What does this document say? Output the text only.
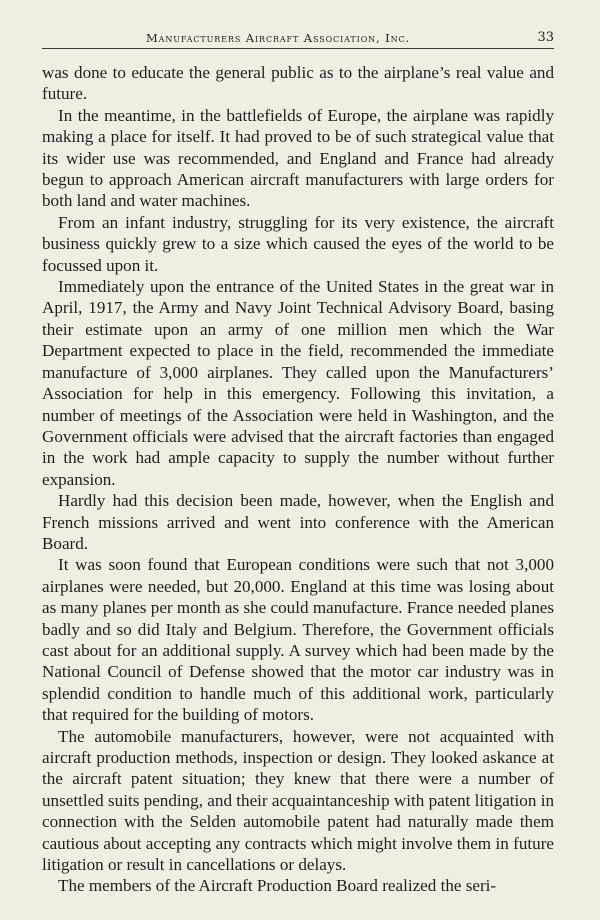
Manufacturers Aircraft Association, Inc.	33

was done to educate the general public as to the airplane’s real value and future.

In the meantime, in the battlefields of Europe, the airplane was rapidly making a place for itself. It had proved to be of such strategical value that its wider use was recommended, and England and France had already begun to approach American aircraft manufacturers with large orders for both land and water machines.

From an infant industry, struggling for its very existence, the aircraft business quickly grew to a size which caused the eyes of the world to be focussed upon it.

Immediately upon the entrance of the United States in the great war in April, 1917, the Army and Navy Joint Technical Advisory Board, basing their estimate upon an army of one million men which the War Department expected to place in the field, recommended the immediate manufacture of 3,000 airplanes. They called upon the Manufacturers’ Association for help in this emergency. Following this invitation, a number of meetings of the Association were held in Washington, and the Government officials were advised that the aircraft factories than engaged in the work had ample capacity to supply the number without further expansion.

Hardly had this decision been made, however, when the English and French missions arrived and went into conference with the American Board.

It was soon found that European conditions were such that not 3,000 airplanes were needed, but 20,000. England at this time was losing about as many planes per month as she could manufacture. France needed planes badly and so did Italy and Belgium. Therefore, the Government officials cast about for an additional supply. A survey which had been made by the National Council of Defense showed that the motor car industry was in splendid condition to handle much of this additional work, particularly that required for the building of motors.

The automobile manufacturers, however, were not acquainted with aircraft production methods, inspection or design. They looked askance at the aircraft patent situation; they knew that there were a number of unsettled suits pending, and their acquaintanceship with patent litigation in connection with the Selden automobile patent had naturally made them cautious about accepting any contracts which might involve them in future litigation or result in cancellations or delays.

The members of the Aircraft Production Board realized the seri-
